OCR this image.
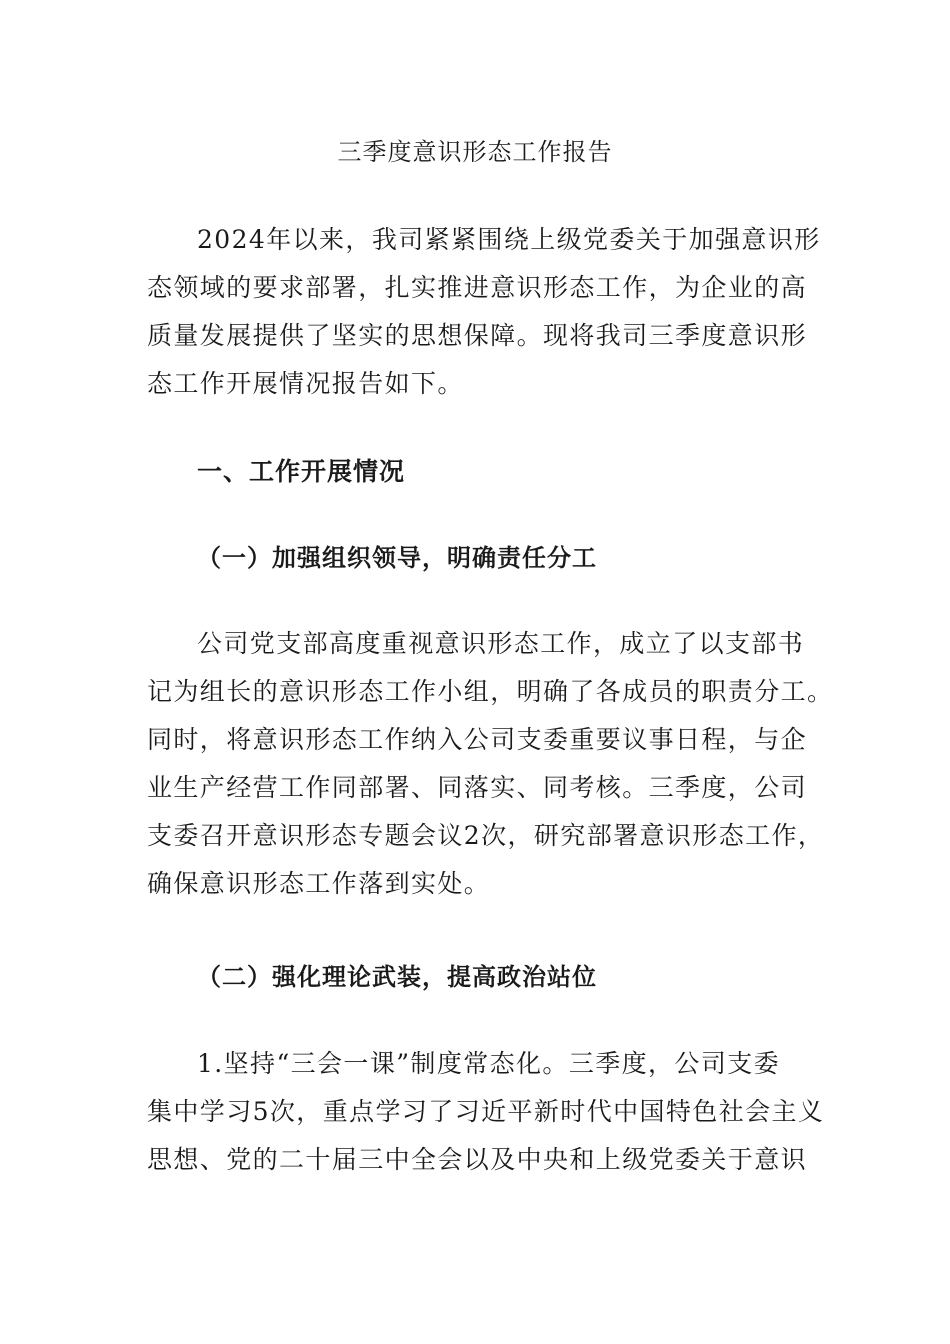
三季度意识形态工作报告
2024年以来，我司紧紧围绕上级党委关于加强意识形
态领域的要求部署，扎实推进意识形态工作，为企业的高
质量发展提供了坚实的思想保障。现将我司三季度意识形
态工作开展情况报告如下。
一、工作开展情况
（一）加强组织领导，明确责任分工
公司党支部高度重视意识形态工作，成立了以支部书
记为组长的意识形态工作小组，明确了各成员的职责分工。
同时，将意识形态工作纳入公司支委重要议事日程，与企
业生产经营工作同部署、同落实、同考核。三季度，公司
支委召开意识形态专题会议2次，研究部署意识形态工作，
确保意识形态工作落到实处。
（二）强化理论武装，提高政治站位
1.坚持“三会一课”制度常态化。三季度，公司支委
集中学习5次，重点学习了习近平新时代中国特色社会主义
思想、党的二十届三中全会以及中央和上级党委关于意识
